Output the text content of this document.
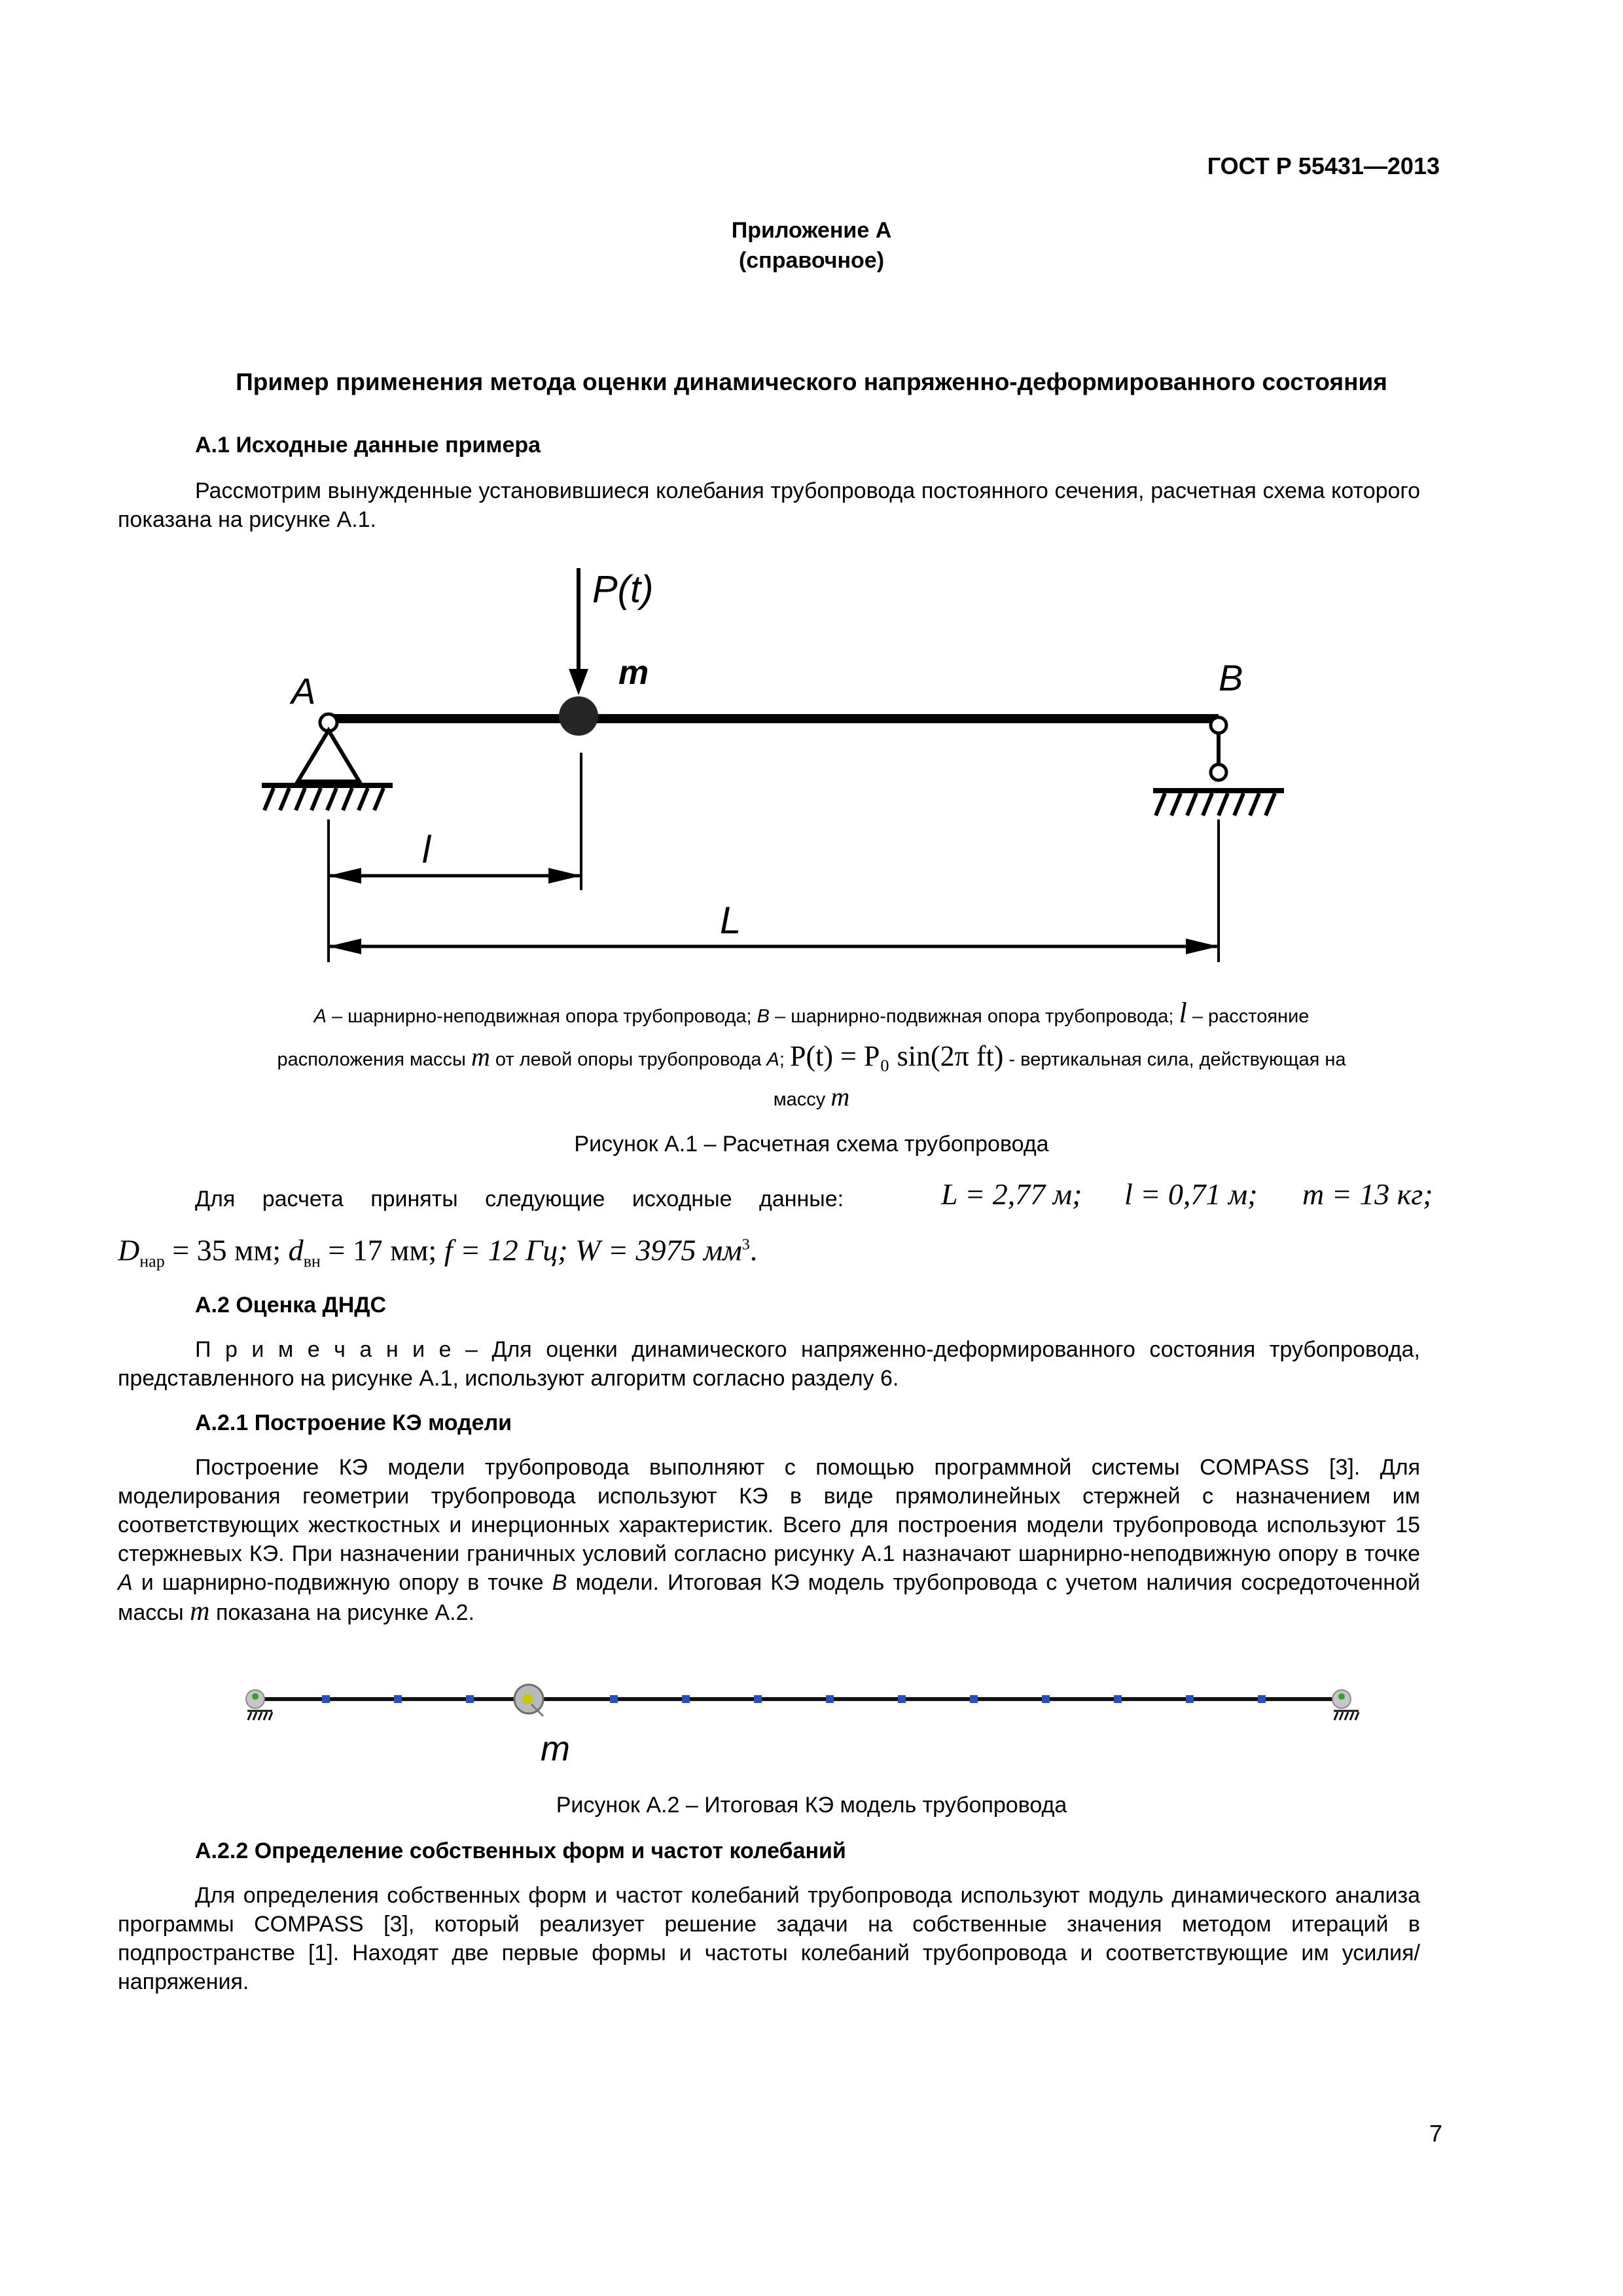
ГОСТ Р 55431—2013
Приложение А
(справочное)
Пример применения метода оценки динамического напряженно-деформированного состояния
А.1 Исходные данные примера
Рассмотрим вынужденные установившиеся колебания трубопровода постоянного сечения, расчетная схема которого показана на рисунке А.1.
P(t)
m
A	B
l
L
А – шарнирно-неподвижная опора трубопровода; В – шарнирно-подвижная опора трубопровода; l – расстояние
расположения массы m от левой опоры трубопровода А; P(t) = P₀ sin(2π ft) - вертикальная сила, действующая на
массу m
Рисунок А.1 – Расчетная схема трубопровода
Для расчета приняты следующие исходные данные:	L = 2,77 м; l = 0,71 м; m = 13 кг;
$D_{нар} = 35$ мм; $d_{вн} = 17$ мм; f = 12 Гц; W = 3975 $мм^3$.
А.2 Оценка ДНДС
П р и м е ч а н и е – Для оценки динамического напряженно-деформированного состояния трубопровода, представленного на рисунке А.1, используют алгоритм согласно разделу 6.
А.2.1 Построение КЭ модели
Построение КЭ модели трубопровода выполняют с помощью программной системы COMPASS [3]. Для моделирования геометрии трубопровода используют КЭ в виде прямолинейных стержней с назначением им соответствующих жесткостных и инерционных характеристик. Всего для построения модели трубопровода используют 15 стержневых КЭ. При назначении граничных условий согласно рисунку А.1 назначают шарнирно-неподвижную опору в точке А и шарнирно-подвижную опору в точке В модели. Итоговая КЭ модель трубопровода с учетом наличия сосредоточенной массы m показана на рисунке А.2.
m
Рисунок А.2 – Итоговая КЭ модель трубопровода
А.2.2 Определение собственных форм и частот колебаний
Для определения собственных форм и частот колебаний трубопровода используют модуль динамического анализа программы COMPASS [3], который реализует решение задачи на собственные значения методом итераций в подпространстве [1]. Находят две первые формы и частоты колебаний трубопровода и соответствующие им усилия/напряжения.
7
